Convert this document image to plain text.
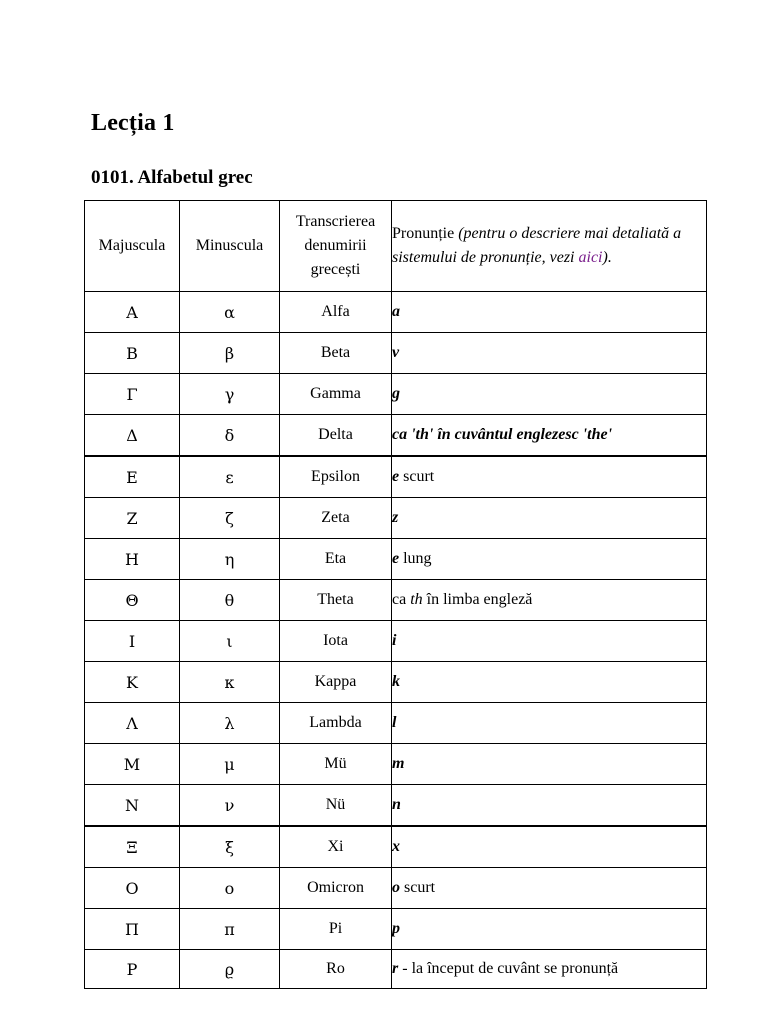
Lecția 1
0101. Alfabetul grec
Majuscula	Minuscula	Transcrierea
denumirii
grecești	Pronunție (pentru o descriere mai detaliată a sistemului de pronunție, vezi aici).
Α	α	Alfa	a
Β	β	Beta	v
Γ	γ	Gamma	g
Δ	δ	Delta	ca 'th' în cuvântul englezesc 'the'
Ε	ε	Epsilon	e scurt
Ζ	ζ	Zeta	z
Η	η	Eta	e lung
Θ	θ	Theta	ca th în limba engleză
Ι	ι	Iota	i
Κ	κ	Kappa	k
Λ	λ	Lambda	l
Μ	μ	Mü	m
Ν	ν	Nü	n
Ξ	ξ	Xi	x
Ο	ο	Omicron	o scurt
Π	π	Pi	p
Ρ	ϱ	Ro	r - la început de cuvânt se pronunță
